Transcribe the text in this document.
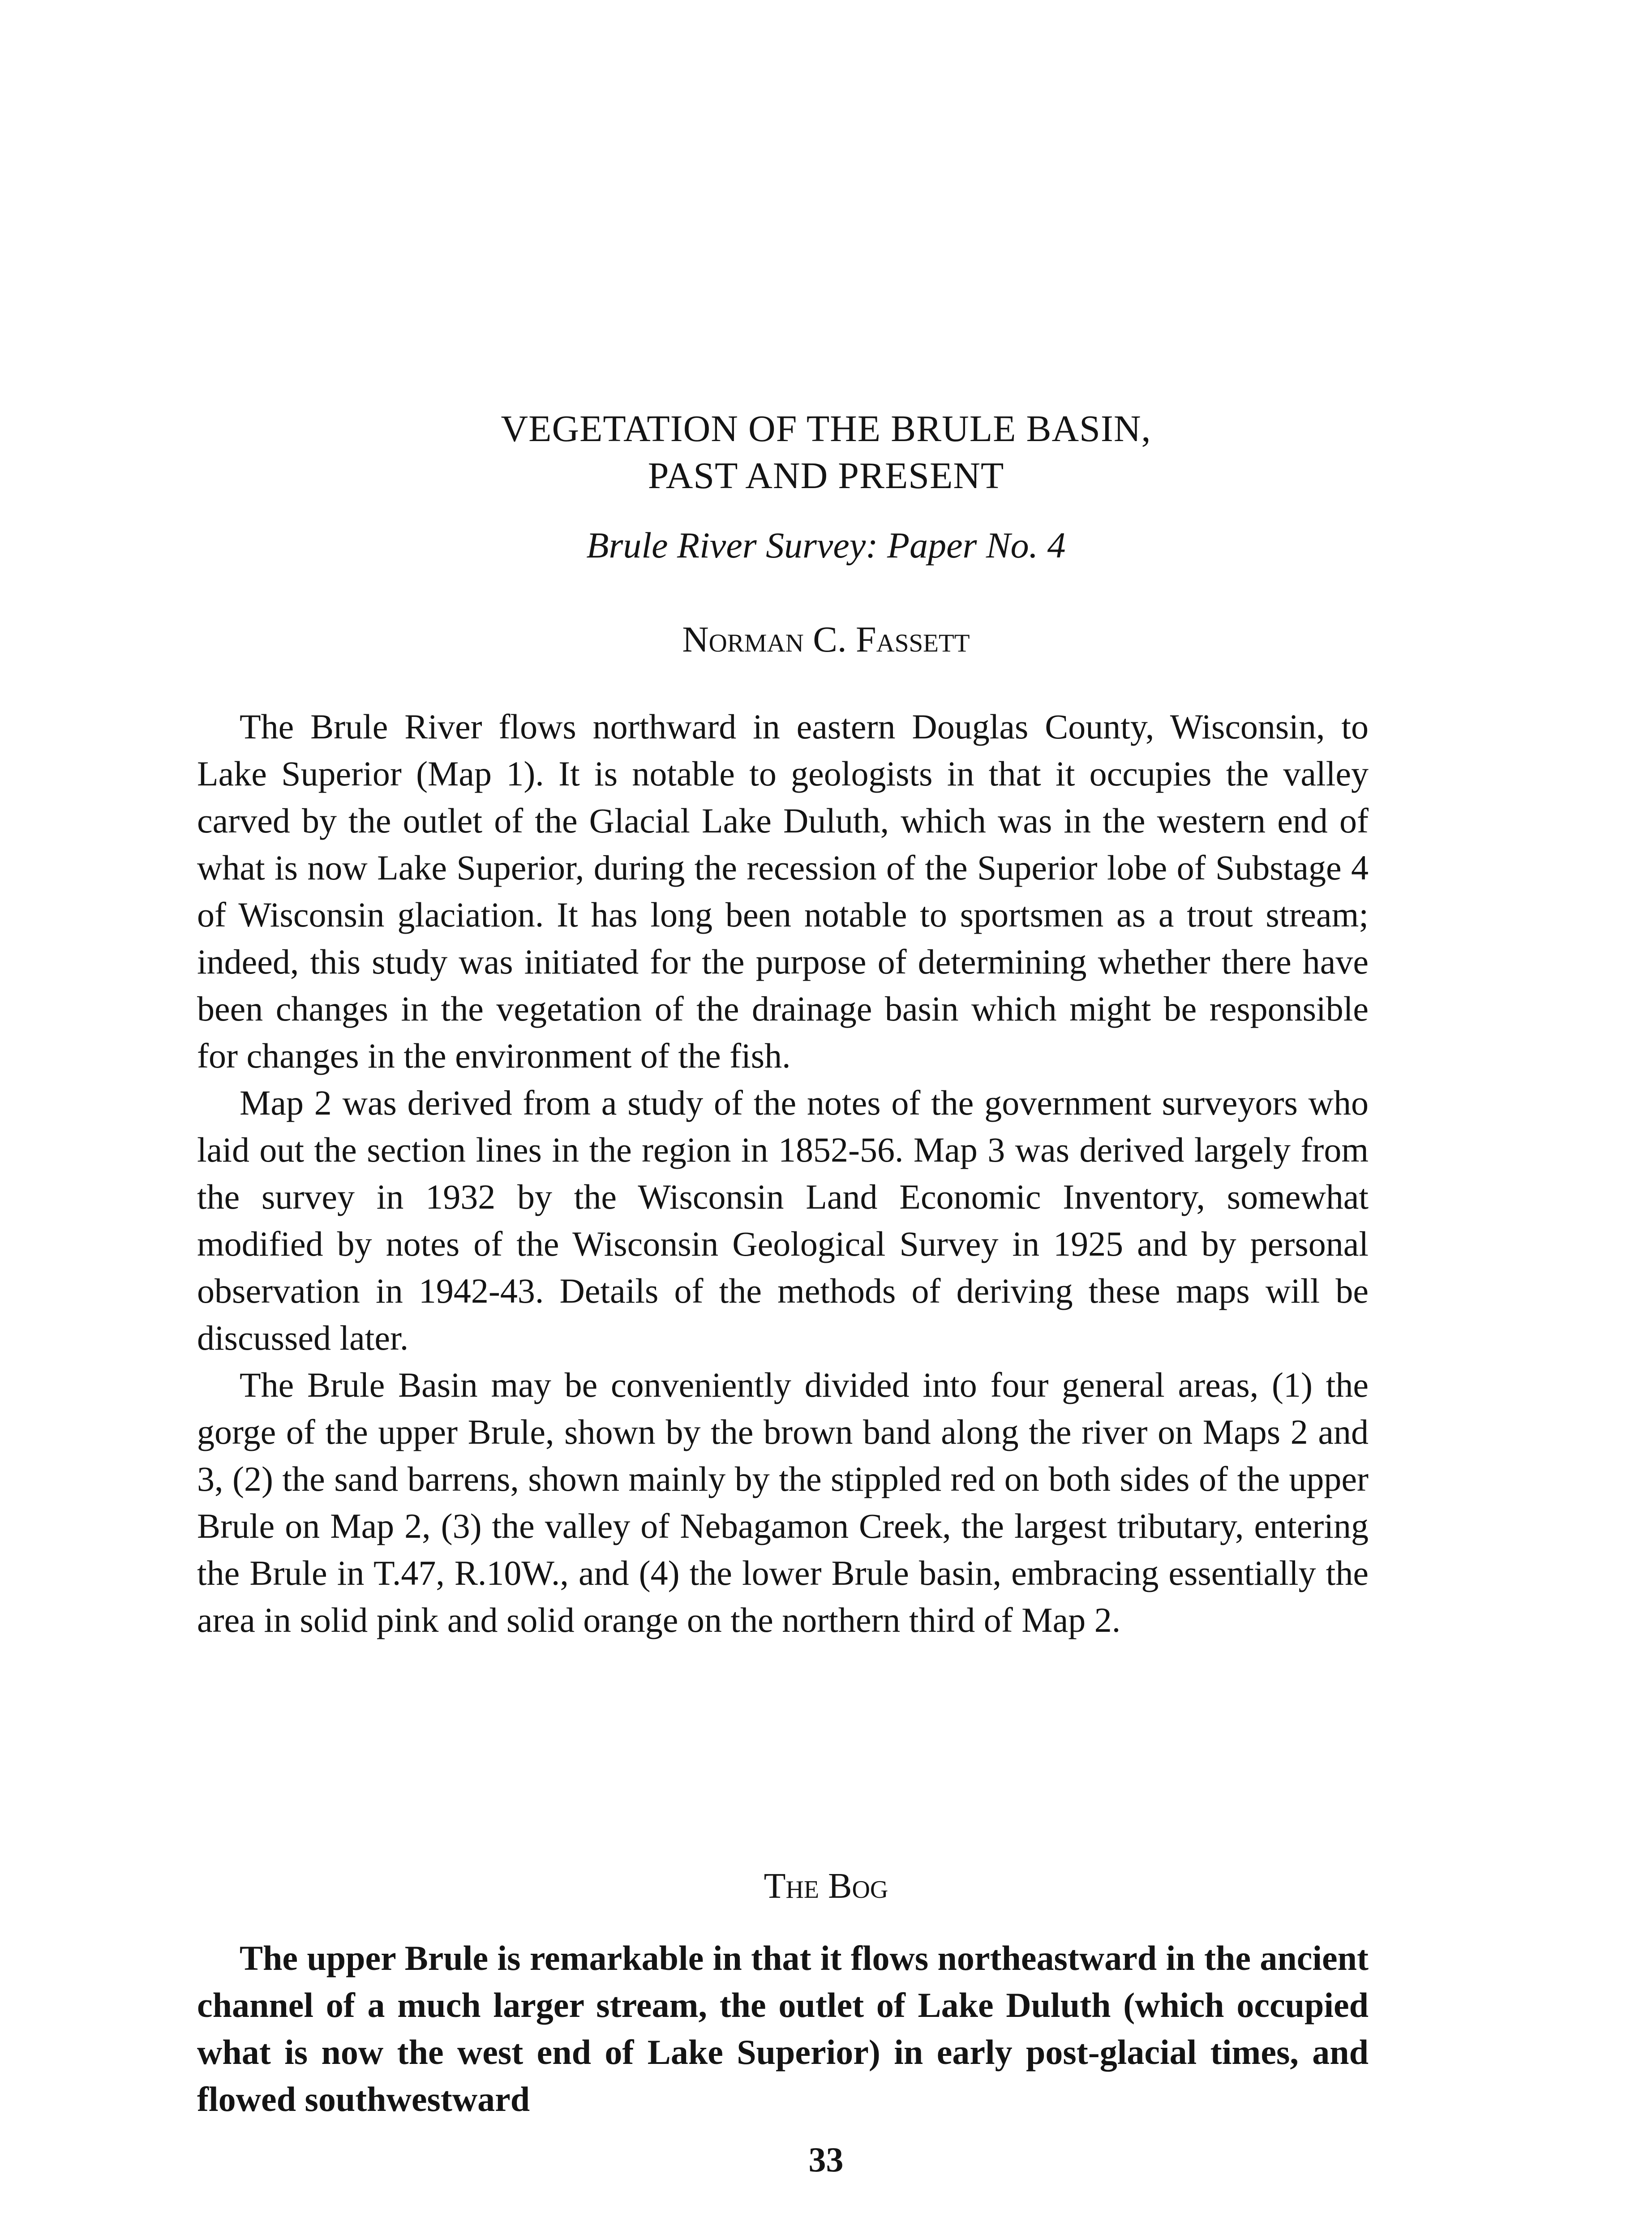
VEGETATION OF THE BRULE BASIN,
PAST AND PRESENT

Brule River Survey: Paper No. 4

Norman C. Fassett

The Brule River flows northward in eastern Douglas County, Wisconsin, to Lake Superior (Map 1). It is notable to geologists in that it occupies the valley carved by the outlet of the Glacial Lake Duluth, which was in the western end of what is now Lake Superior, during the recession of the Superior lobe of Substage 4 of Wisconsin glaciation. It has long been notable to sportsmen as a trout stream; indeed, this study was initiated for the purpose of determining whether there have been changes in the vegetation of the drainage basin which might be responsible for changes in the environment of the fish.

Map 2 was derived from a study of the notes of the government surveyors who laid out the section lines in the region in 1852-56. Map 3 was derived largely from the survey in 1932 by the Wisconsin Land Economic Inventory, somewhat modified by notes of the Wisconsin Geological Survey in 1925 and by personal observation in 1942-43. Details of the methods of deriving these maps will be discussed later.

The Brule Basin may be conveniently divided into four general areas, (1) the gorge of the upper Brule, shown by the brown band along the river on Maps 2 and 3, (2) the sand barrens, shown mainly by the stippled red on both sides of the upper Brule on Map 2, (3) the valley of Nebagamon Creek, the largest tributary, entering the Brule in T.47, R.10W., and (4) the lower Brule basin, embracing essentially the area in solid pink and solid orange on the northern third of Map 2.

The Bog

The upper Brule is remarkable in that it flows northeastward in the ancient channel of a much larger stream, the outlet of Lake Duluth (which occupied what is now the west end of Lake Superior) in early post-glacial times, and flowed southwestward

33
